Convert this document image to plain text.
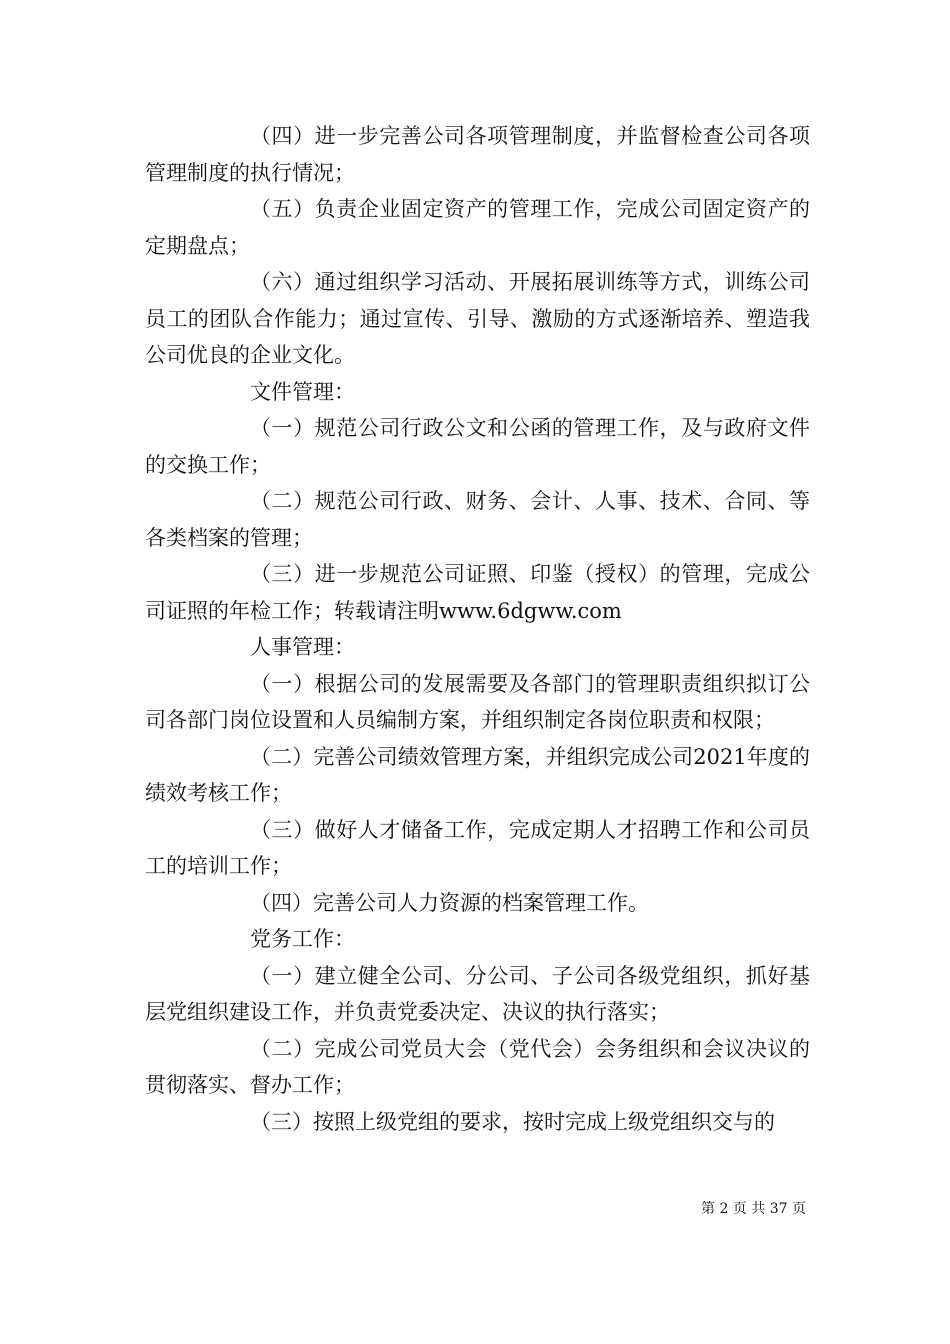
（四）进一步完善公司各项管理制度，并监督检查公司各项管理制度的执行情况；

（五）负责企业固定资产的管理工作，完成公司固定资产的定期盘点；

（六）通过组织学习活动、开展拓展训练等方式，训练公司员工的团队合作能力；通过宣传、引导、激励的方式逐渐培养、塑造我公司优良的企业文化。

文件管理：

（一）规范公司行政公文和公函的管理工作，及与政府文件的交换工作；

（二）规范公司行政、财务、会计、人事、技术、合同、等各类档案的管理；

（三）进一步规范公司证照、印鉴（授权）的管理，完成公司证照的年检工作；转载请注明www.6dgww.com

人事管理：

（一）根据公司的发展需要及各部门的管理职责组织拟订公司各部门岗位设置和人员编制方案，并组织制定各岗位职责和权限；

（二）完善公司绩效管理方案，并组织完成公司2021年度的绩效考核工作；

（三）做好人才储备工作，完成定期人才招聘工作和公司员工的培训工作；

（四）完善公司人力资源的档案管理工作。

党务工作：

（一）建立健全公司、分公司、子公司各级党组织，抓好基层党组织建设工作，并负责党委决定、决议的执行落实；

（二）完成公司党员大会（党代会）会务组织和会议决议的贯彻落实、督办工作；

（三）按照上级党组的要求，按时完成上级党组织交与的

第 2 页 共 37 页
